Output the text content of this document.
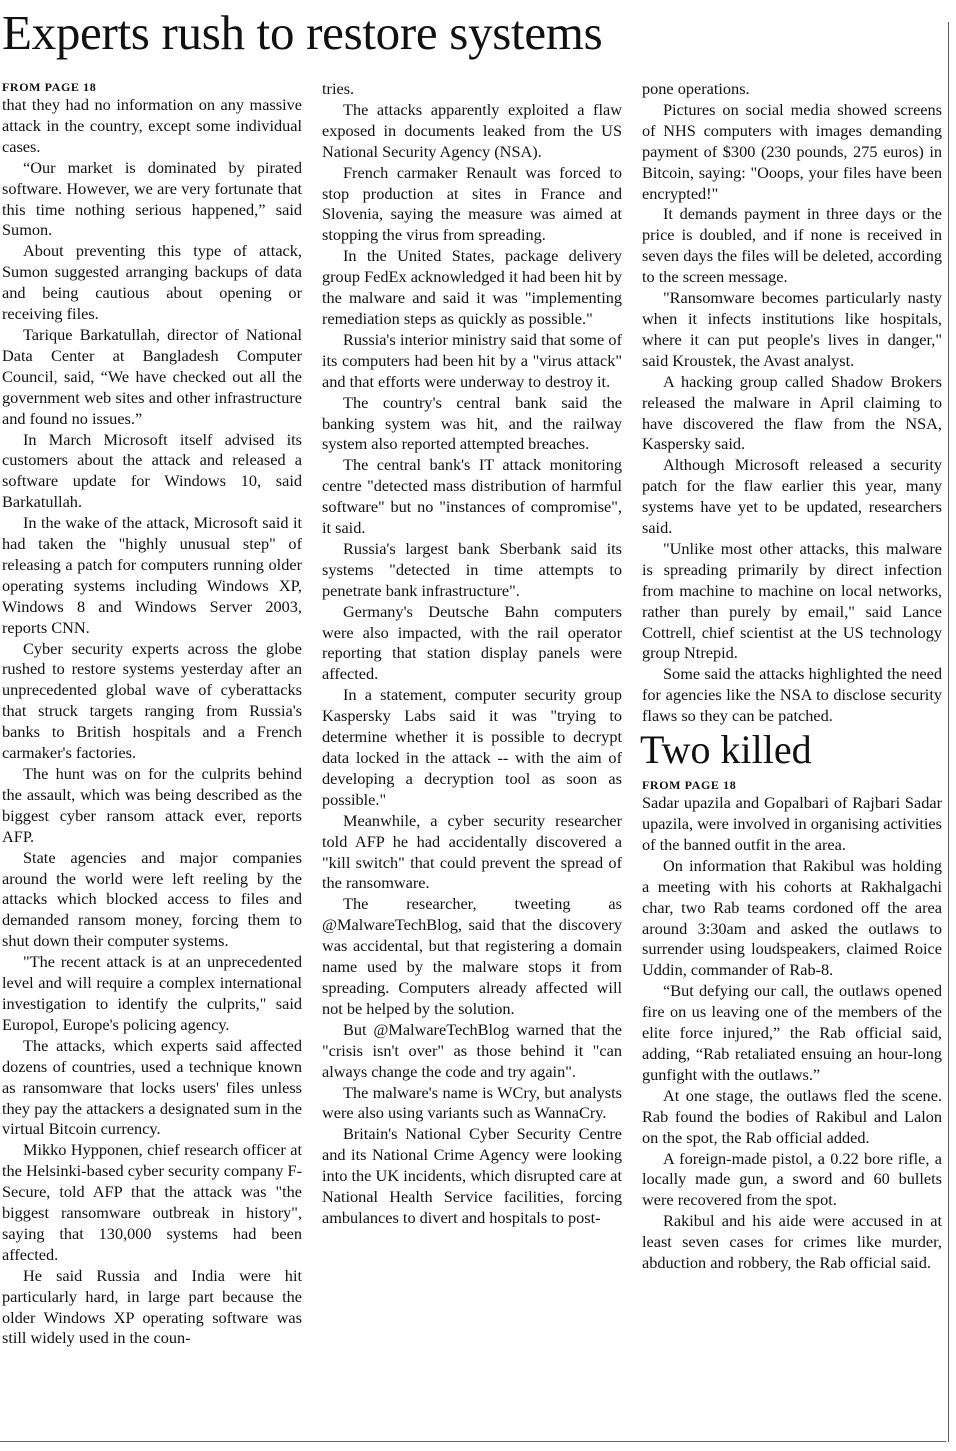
Experts rush to restore systems
FROM PAGE 18

that they had no information on any massive attack in the country, except some individual cases.

“Our market is dominated by pirated software. However, we are very fortunate that this time nothing serious happened,” said Sumon.

About preventing this type of attack, Sumon suggested arranging backups of data and being cautious about opening or receiving files.

Tarique Barkatullah, director of National Data Center at Bangladesh Computer Council, said, “We have checked out all the government web sites and other infrastructure and found no issues.”

In March Microsoft itself advised its customers about the attack and released a software update for Windows 10, said Barkatullah.

In the wake of the attack, Microsoft said it had taken the "highly unusual step" of releasing a patch for computers running older operating systems including Windows XP, Windows 8 and Windows Server 2003, reports CNN.

Cyber security experts across the globe rushed to restore systems yesterday after an unprecedented global wave of cyberattacks that struck targets ranging from Russia's banks to British hospitals and a French carmaker's factories.

The hunt was on for the culprits behind the assault, which was being described as the biggest cyber ransom attack ever, reports AFP.

State agencies and major companies around the world were left reeling by the attacks which blocked access to files and demanded ransom money, forcing them to shut down their computer systems.

"The recent attack is at an unprecedented level and will require a complex international investigation to identify the culprits," said Europol, Europe's policing agency.

The attacks, which experts said affected dozens of countries, used a technique known as ransomware that locks users' files unless they pay the attackers a designated sum in the virtual Bitcoin currency.

Mikko Hypponen, chief research officer at the Helsinki-based cyber security company F-Secure, told AFP that the attack was "the biggest ransomware outbreak in history", saying that 130,000 systems had been affected.

He said Russia and India were hit particularly hard, in large part because the older Windows XP operating software was still widely used in the coun-

tries.

The attacks apparently exploited a flaw exposed in documents leaked from the US National Security Agency (NSA).

French carmaker Renault was forced to stop production at sites in France and Slovenia, saying the measure was aimed at stopping the virus from spreading.

In the United States, package delivery group FedEx acknowledged it had been hit by the malware and said it was "implementing remediation steps as quickly as possible."

Russia's interior ministry said that some of its computers had been hit by a "virus attack" and that efforts were underway to destroy it.

The country's central bank said the banking system was hit, and the railway system also reported attempted breaches.

The central bank's IT attack monitoring centre "detected mass distribution of harmful software" but no "instances of compromise", it said.

Russia's largest bank Sberbank said its systems "detected in time attempts to penetrate bank infrastructure".

Germany's Deutsche Bahn computers were also impacted, with the rail operator reporting that station display panels were affected.

In a statement, computer security group Kaspersky Labs said it was "trying to determine whether it is possible to decrypt data locked in the attack -- with the aim of developing a decryption tool as soon as possible."

Meanwhile, a cyber security researcher told AFP he had accidentally discovered a "kill switch" that could prevent the spread of the ransomware.

The researcher, tweeting as @MalwareTechBlog, said that the discovery was accidental, but that registering a domain name used by the malware stops it from spreading. Computers already affected will not be helped by the solution.

But @MalwareTechBlog warned that the "crisis isn't over" as those behind it "can always change the code and try again".

The malware's name is WCry, but analysts were also using variants such as WannaCry.

Britain's National Cyber Security Centre and its National Crime Agency were looking into the UK incidents, which disrupted care at National Health Service facilities, forcing ambulances to divert and hospitals to post-

pone operations.

Pictures on social media showed screens of NHS computers with images demanding payment of $300 (230 pounds, 275 euros) in Bitcoin, saying: "Ooops, your files have been encrypted!"

It demands payment in three days or the price is doubled, and if none is received in seven days the files will be deleted, according to the screen message.

"Ransomware becomes particularly nasty when it infects institutions like hospitals, where it can put people's lives in danger," said Kroustek, the Avast analyst.

A hacking group called Shadow Brokers released the malware in April claiming to have discovered the flaw from the NSA, Kaspersky said.

Although Microsoft released a security patch for the flaw earlier this year, many systems have yet to be updated, researchers said.

"Unlike most other attacks, this malware is spreading primarily by direct infection from machine to machine on local networks, rather than purely by email," said Lance Cottrell, chief scientist at the US technology group Ntrepid.

Some said the attacks highlighted the need for agencies like the NSA to disclose security flaws so they can be patched.

Two killed
FROM PAGE 18

Sadar upazila and Gopalbari of Rajbari Sadar upazila, were involved in organising activities of the banned outfit in the area.

On information that Rakibul was holding a meeting with his cohorts at Rakhalgachi char, two Rab teams cordoned off the area around 3:30am and asked the outlaws to surrender using loudspeakers, claimed Roice Uddin, commander of Rab-8.

“But defying our call, the outlaws opened fire on us leaving one of the members of the elite force injured,” the Rab official said, adding, “Rab retaliated ensuing an hour-long gunfight with the outlaws.”

At one stage, the outlaws fled the scene. Rab found the bodies of Rakibul and Lalon on the spot, the Rab official added.

A foreign-made pistol, a 0.22 bore rifle, a locally made gun, a sword and 60 bullets were recovered from the spot.

Rakibul and his aide were accused in at least seven cases for crimes like murder, abduction and robbery, the Rab official said.
